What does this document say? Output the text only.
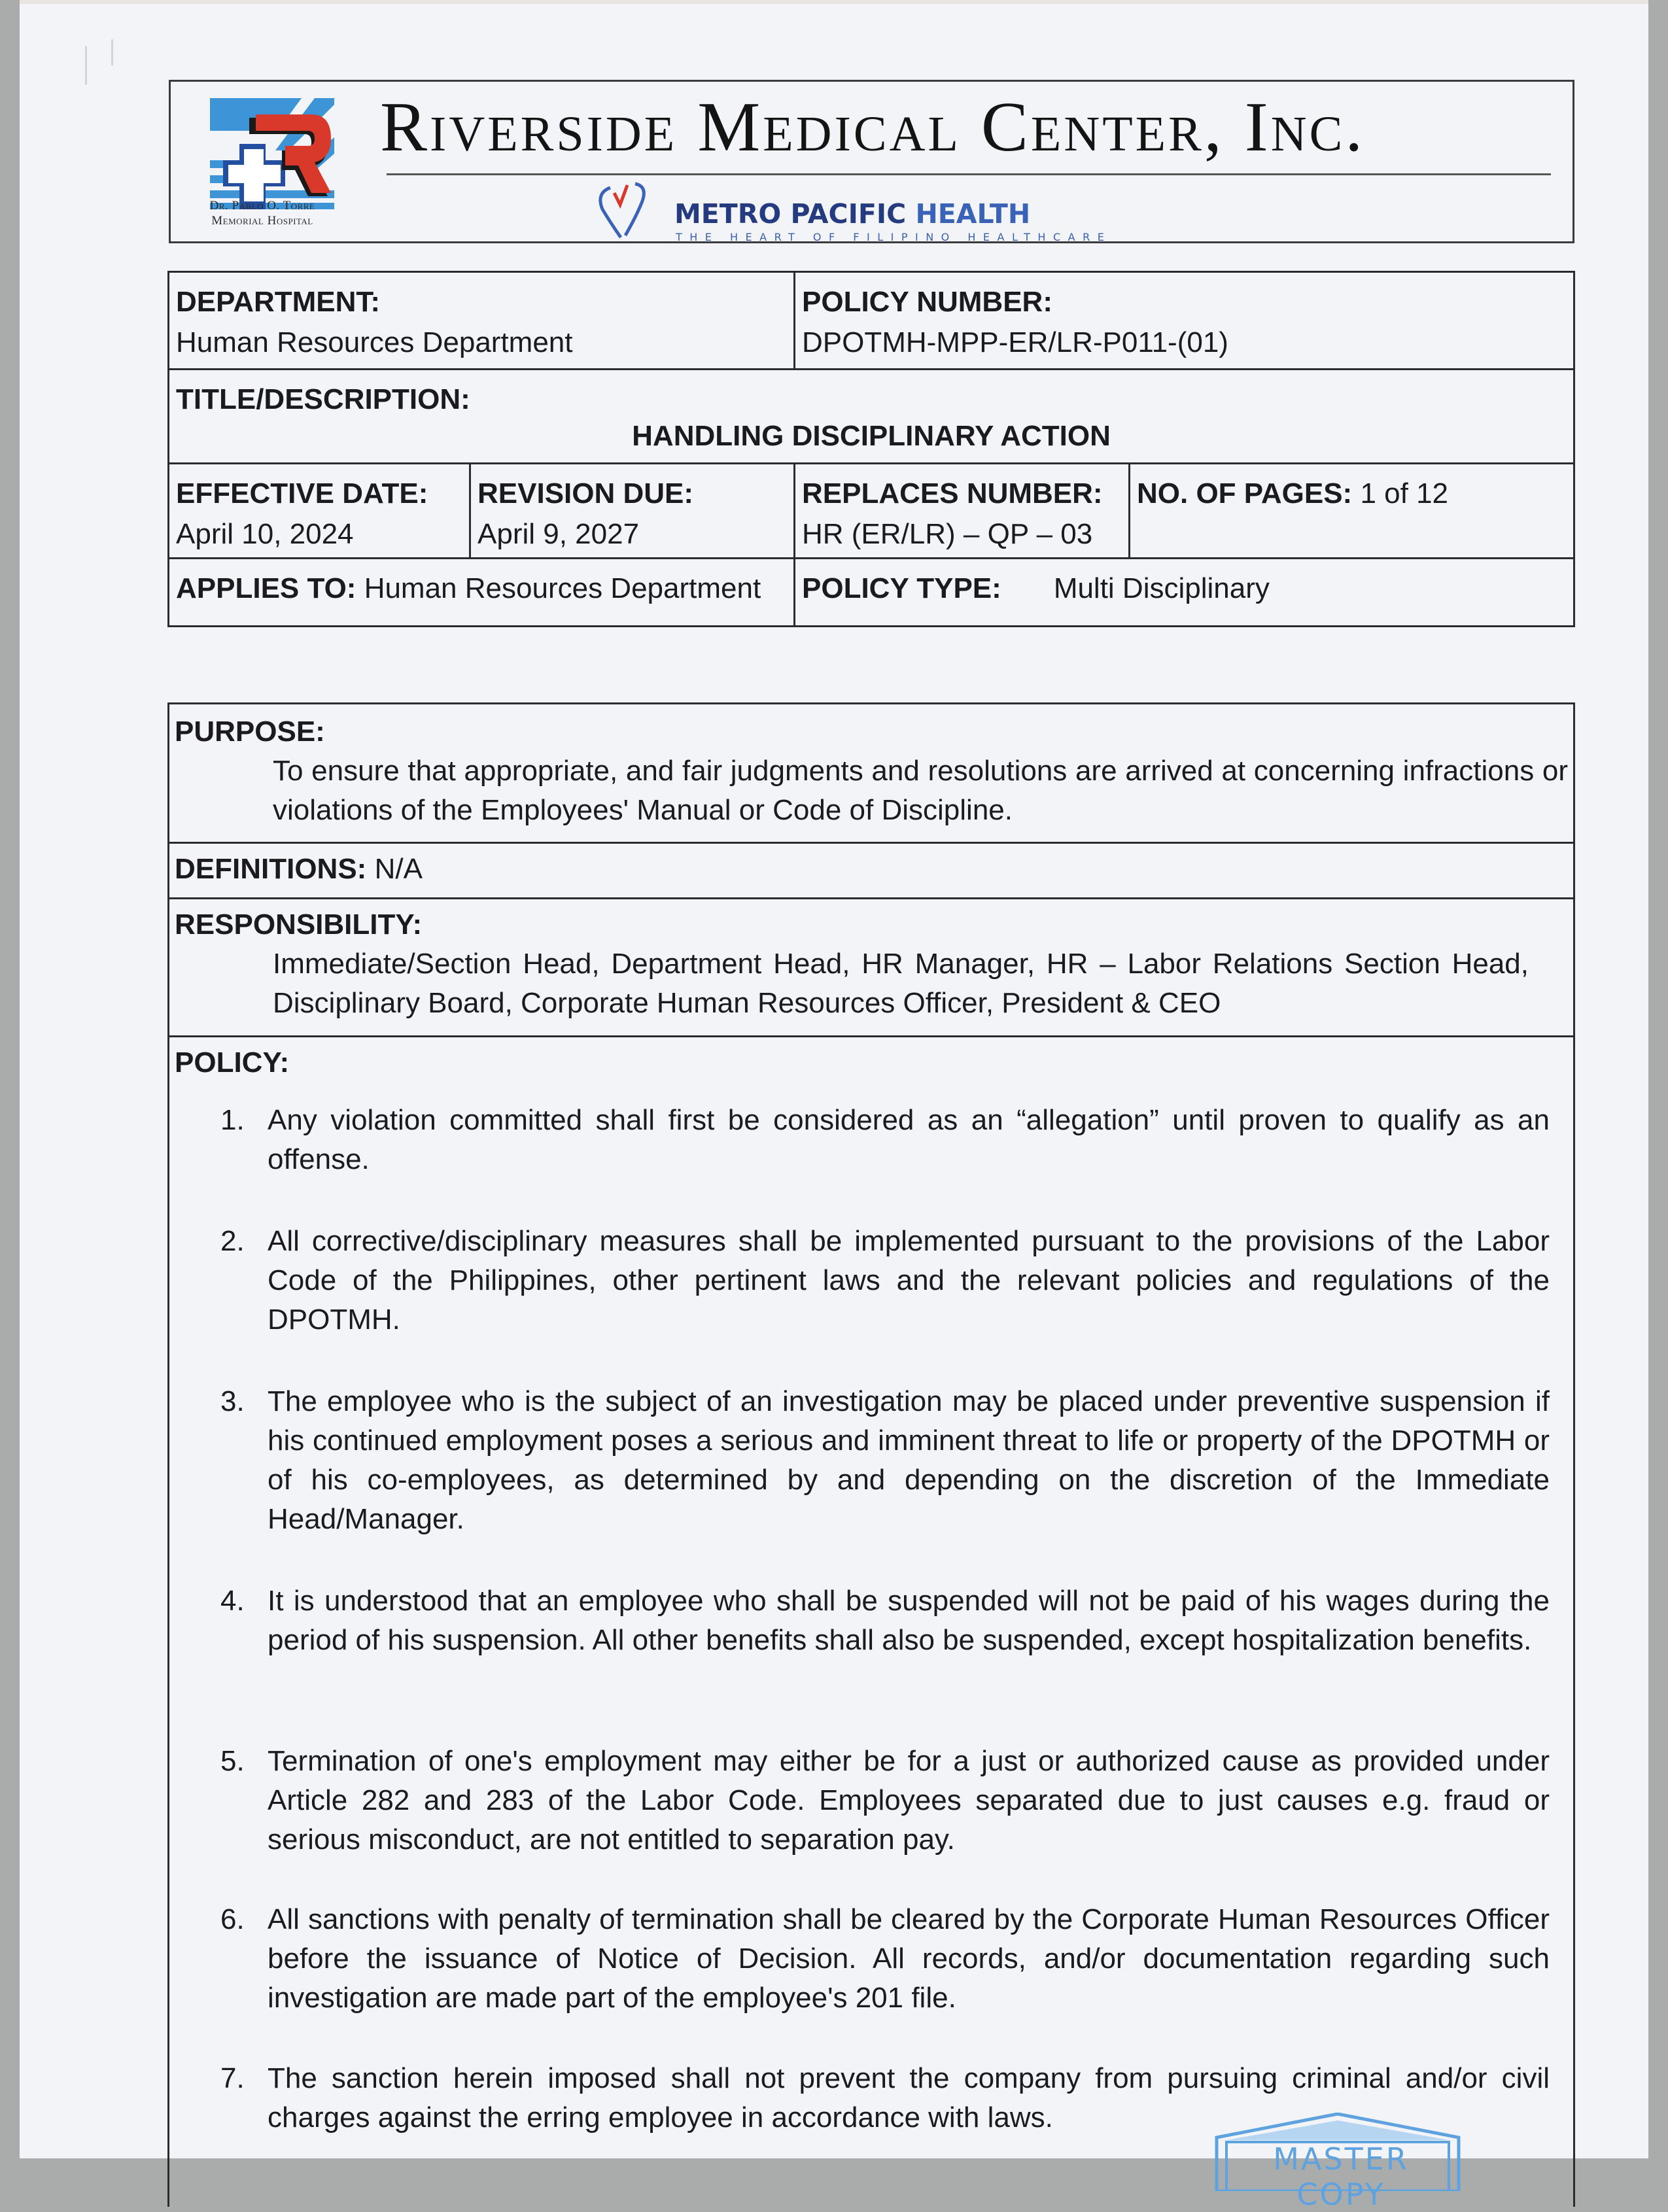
Dr. Pablo O. Torre
Memorial Hospital
Riverside Medical Center, Inc.
METRO PACIFIC HEALTH
THE HEART OF FILIPINO HEALTHCARE
DEPARTMENT:
Human Resources Department
POLICY NUMBER:
DPOTMH-MPP-ER/LR-P011-(01)
TITLE/DESCRIPTION:
HANDLING DISCIPLINARY ACTION
EFFECTIVE DATE:
April 10, 2024
REVISION DUE:
April 9, 2027
REPLACES NUMBER:
HR (ER/LR) – QP – 03
NO. OF PAGES: 1 of 12
APPLIES TO: Human Resources Department	POLICY TYPE: Multi Disciplinary
PURPOSE:
To ensure that appropriate, and fair judgments and resolutions are arrived at concerning infractions or violations of the Employees' Manual or Code of Discipline.
DEFINITIONS: N/A
RESPONSIBILITY:
Immediate/Section Head, Department Head, HR Manager, HR – Labor Relations Section Head, Disciplinary Board, Corporate Human Resources Officer, President & CEO
POLICY:
1. Any violation committed shall first be considered as an “allegation” until proven to qualify as an offense.
2. All corrective/disciplinary measures shall be implemented pursuant to the provisions of the Labor Code of the Philippines, other pertinent laws and the relevant policies and regulations of the DPOTMH.
3. The employee who is the subject of an investigation may be placed under preventive suspension if his continued employment poses a serious and imminent threat to life or property of the DPOTMH or of his co-employees, as determined by and depending on the discretion of the Immediate Head/Manager.
4. It is understood that an employee who shall be suspended will not be paid of his wages during the period of his suspension. All other benefits shall also be suspended, except hospitalization benefits.
5. Termination of one's employment may either be for a just or authorized cause as provided under Article 282 and 283 of the Labor Code. Employees separated due to just causes e.g. fraud or serious misconduct, are not entitled to separation pay.
6. All sanctions with penalty of termination shall be cleared by the Corporate Human Resources Officer before the issuance of Notice of Decision. All records, and/or documentation regarding such investigation are made part of the employee's 201 file.
7. The sanction herein imposed shall not prevent the company from pursuing criminal and/or civil charges against the erring employee in accordance with laws.
MASTER COPY
